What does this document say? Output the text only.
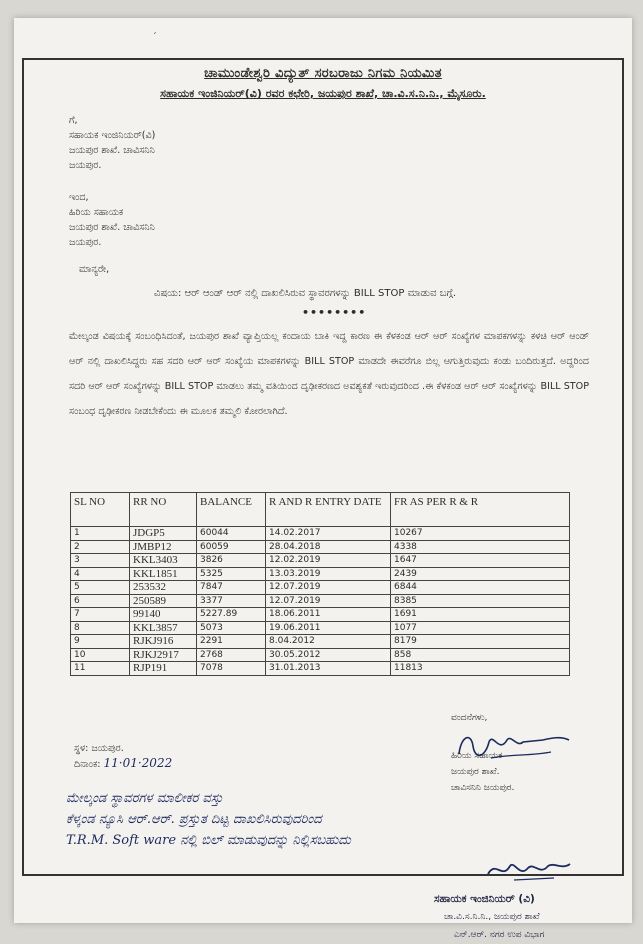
ˊ
ಚಾಮುಂಡೇಶ್ವರಿ ವಿದ್ಯುತ್ ಸರಬರಾಜು ನಿಗಮ ನಿಯಮಿತ
ಸಹಾಯಕ ಇಂಜಿನಿಯರ್(ವಿ) ರವರ ಕಛೇರಿ, ಜಯಪುರ ಶಾಖೆ, ಚಾ.ವಿ.ಸ.ನಿ.ನಿ., ಮೈಸೂರು.
ಗೆ,
ಸಹಾಯಕ ಇಂಜಿನಿಯರ್(ವಿ)
ಜಯಪುರ ಶಾಖೆ. ಚಾವಿಸನಿನಿ
ಜಯಪುರ.
ಇಂದ,
ಹಿರಿಯ ಸಹಾಯಕ
ಜಯಪುರ ಶಾಖೆ. ಚಾವಿಸನಿನಿ
ಜಯಪುರ.
ಮಾನ್ಯರೇ,
ವಿಷಯ: ಆರ್ ಆಂಡ್ ಆರ್ ನಲ್ಲಿ ದಾಖಲಿಸಿರುವ ಸ್ಥಾವರಗಳನ್ನು BILL STOP ಮಾಡುವ ಬಗ್ಗೆ.
••••••••
ಮೇಲ್ಕಂಡ ವಿಷಯಕ್ಕೆ ಸಂಬಂಧಿಸಿದಂತೆ, ಜಯಪುರ ಶಾಖೆ ವ್ಯಾಪ್ತಿಯಲ್ಲ ಕಂದಾಯ ಬಾಕಿ ಇದ್ದ ಕಾರಣ ಈ ಕೆಳಕಂಡ ಆರ್ ಆರ್ ಸಂಖ್ಯೆಗಳ ಮಾಪಕಗಳನ್ನು ಕಳಚಿ ಆರ್ ಆಂಡ್ ಆರ್ ನಲ್ಲಿ ದಾಖಲಿಸಿದ್ದರು ಸಹ ಸದರಿ ಆರ್ ಆರ್ ಸಂಖ್ಯೆಯ ಮಾಪಕಗಳನ್ನು BILL STOP ಮಾಡದೇ ಈವರೆಗೂ ಬಿಲ್ಲ ಆಗುತ್ತಿರುವುದು ಕಂಡು ಬಂದಿರುತ್ತದೆ. ಅದ್ದರಿಂದ ಸದರಿ ಆರ್ ಆರ್ ಸಂಖ್ಯೆಗಳನ್ನು BILL STOP ಮಾಡಲು ತಮ್ಮ ವತಿಯಿಂದ ದೃಢೀಕರಣದ ಅವಶ್ಯಕತೆ ಇರುವುದರಿಂದ .ಈ ಕೆಳಕಂಡ ಆರ್ ಆರ್ ಸಂಖ್ಯೆಗಳನ್ನು BILL STOP ಸಂಬಂಧ ದೃಢೀಕರಣ ನೀಡಬೇಕೆಂದು ಈ ಮೂಲಕ ತಮ್ಮಲಿ ಕೋರಲಾಗಿದೆ.
SL NO	RR NO	BALANCE	R AND R ENTRY DATE	FR AS PER R & R
1	JDGP5	60044	14.02.2017	10267
2	JMBP12	60059	28.04.2018	4338
3	KKL3403	3826	12.02.2019	1647
4	KKL1851	5325	13.03.2019	2439
5	253532	7847	12.07.2019	6844
6	250589	3377	12.07.2019	8385
7	99140	5227.89	18.06.2011	1691
8	KKL3857	5073	19.06.2011	1077
9	RJKJ916	2291	8.04.2012	8179
10	RJKJ2917	2768	30.05.2012	858
11	RJP191	7078	31.01.2013	11813
ಸ್ಥಳ: ಜಯಪುರ.
ದಿನಾಂಕ: 11·01·2022
ವಂದನೆಗಳು,
ಹಿರಿಯ ಸಹಾಯಕ
ಜಯಪುರ ಶಾಖೆ.
ಚಾವಿಸನಿನಿ ಜಯಪುರ.
ಮೇಲ್ಕಂಡ ಸ್ಥಾವರಗಳ ಮಾಲೀಕರ ವಸ್ತು
ಕೆಳ್ಕಂಡ ನ್ಯೂಸಿ ಆರ್.ಆರ್. ಪ್ರಸ್ತುತ ದಿಟ್ಟ ದಾಖಲಿಸಿರುವುದರಿಂದ
T.R.M. Soft ware ನಲ್ಲಿ ಬಿಲ್ ಮಾಡುವುದನ್ನು ನಿಲ್ಲಿಸಬಹುದು
ಸಹಾಯಕ ಇಂಜಿನಿಯರ್ (ವಿ)
ಚಾ.ವಿ.ಸ.ನಿ.ನಿ., ಜಯಪುರ ಶಾಖೆ
ಎನ್.ಆರ್. ನಗರ ಉಪ ವಿಭಾಗ
